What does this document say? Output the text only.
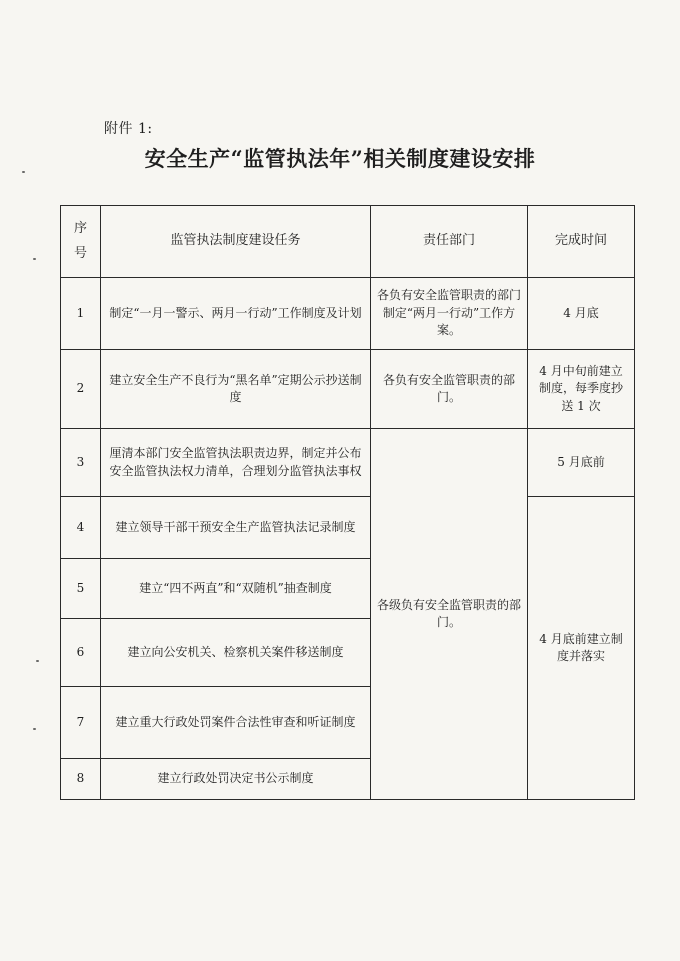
附件 1:
安全生产“监管执法年”相关制度建设安排
序
号	监管执法制度建设任务	责任部门	完成时间
1	制定“一月一警示、两月一行动”工作制度及计划	各负有安全监管职责的部门制定“两月一行动”工作方案。	4 月底
2	建立安全生产不良行为“黑名单”定期公示抄送制度	各负有安全监管职责的部门。	4 月中旬前建立制度，每季度抄送 1 次
3	厘清本部门安全监管执法职责边界，制定并公布安全监管执法权力清单，合理划分监管执法事权	各级负有安全监管职责的部门。	5 月底前
4	建立领导干部干预安全生产监管执法记录制度		4 月底前建立制度并落实
5	建立“四不两直”和“双随机”抽查制度		
6	建立向公安机关、检察机关案件移送制度		
7	建立重大行政处罚案件合法性审查和听证制度		
8	建立行政处罚决定书公示制度		
